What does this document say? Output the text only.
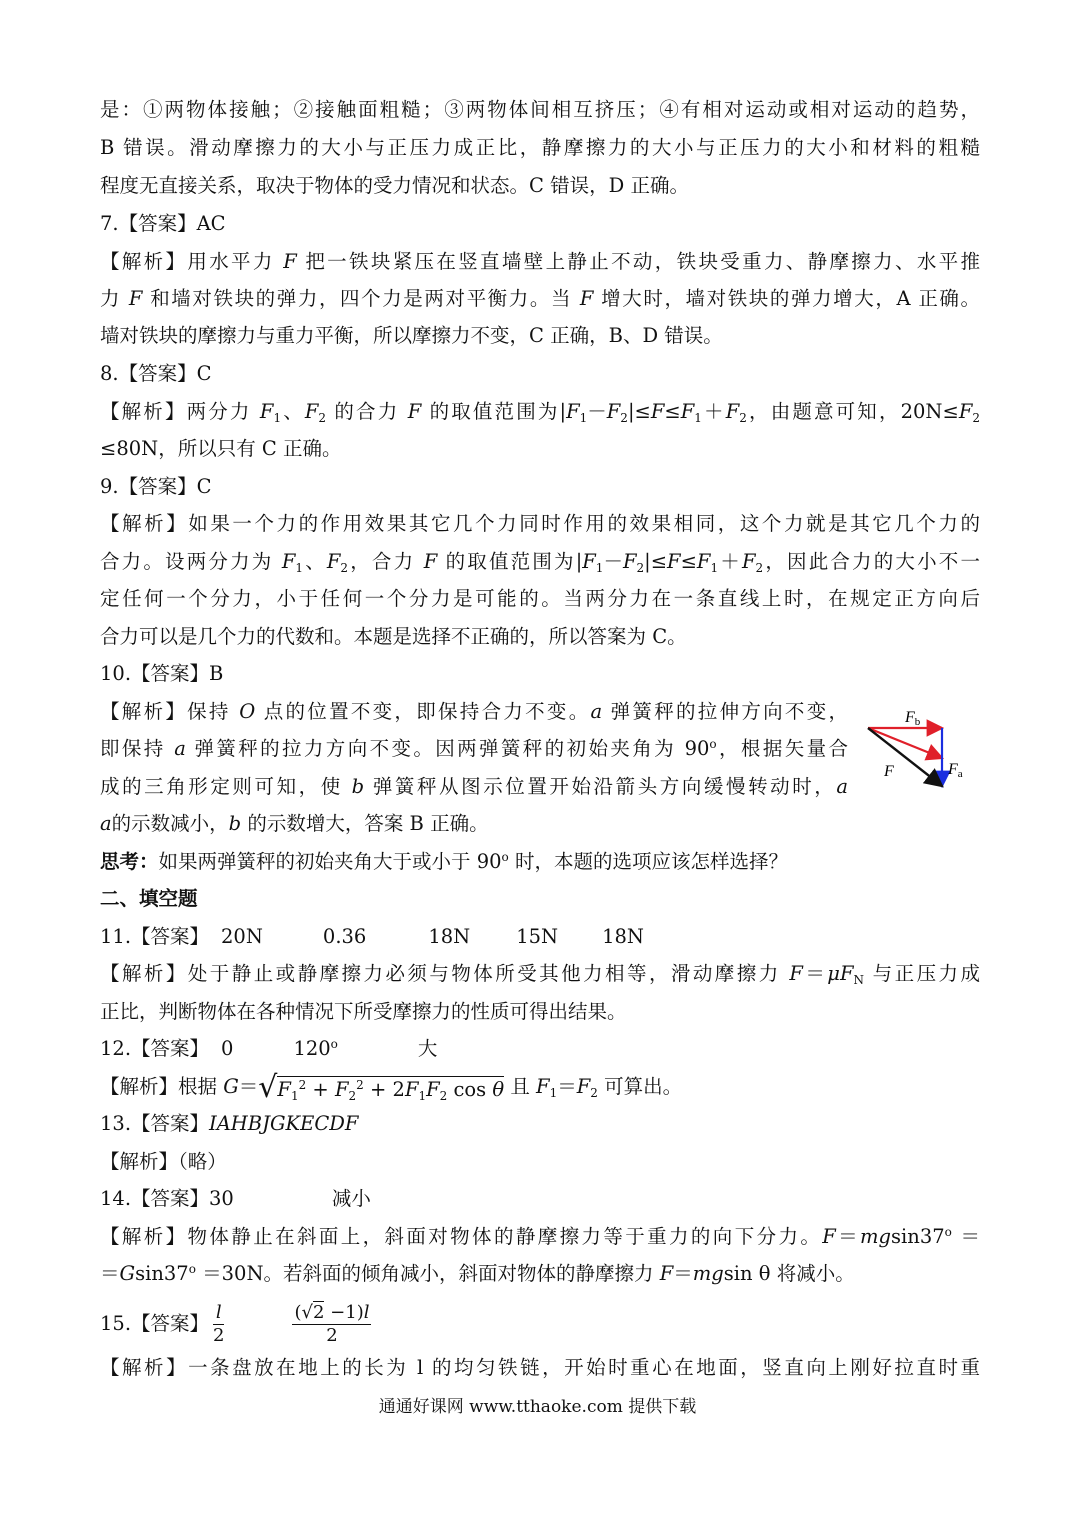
是：①两物体接触；②接触面粗糙；③两物体间相互挤压；④有相对运动或相对运动的趋势，
B 错误。滑动摩擦力的大小与正压力成正比，静摩擦力的大小与正压力的大小和材料的粗糙
程度无直接关系，取决于物体的受力情况和状态。C 错误，D 正确。
7.【答案】AC
【解析】用水平力 F 把一铁块紧压在竖直墙壁上静止不动，铁块受重力、静摩擦力、水平推
力 F 和墙对铁块的弹力，四个力是两对平衡力。当 F 增大时，墙对铁块的弹力增大，A 正确。
墙对铁块的摩擦力与重力平衡，所以摩擦力不变，C 正确，B、D 错误。
8.【答案】C
【解析】两分力 $F_1$、$F_2$ 的合力 F 的取值范围为$|F_1-F_2|\le F\le F_1+F_2$，由题意可知，$20N\le F_2$
≤80N，所以只有 C 正确。
9.【答案】C
【解析】如果一个力的作用效果其它几个力同时作用的效果相同，这个力就是其它几个力的
合力。设两分力为 $F_1$、$F_2$，合力 F 的取值范围为$|F_1-F_2|\le F\le F_1+F_2$，因此合力的大小不一
定任何一个分力，小于任何一个分力是可能的。当两分力在一条直线上时，在规定正方向后
合力可以是几个力的代数和。本题是选择不正确的，所以答案为 C。
10.【答案】B
【解析】保持 O 点的位置不变，即保持合力不变。a 弹簧秤的拉伸方向不变，
即保持 a 弹簧秤的拉力方向不变。因两弹簧秤的初始夹角为 90$^o$，根据矢量合
成的三角形定则可知，使 b 弹簧秤从图示位置开始沿箭头方向缓慢转动时，a
a的示数减小，b 的示数增大，答案 B 正确。
Fb
Fa
F
思考：如果两弹簧秤的初始夹角大于或小于 90$^o$ 时，本题的选项应该怎样选择？
二、填空题
11.【答案】 20N	0.36	18N 15N 18N
【解析】处于静止或静摩擦力必须与物体所受其他力相等，滑动摩擦力 $F=\mu F_N$ 与正压力成
正比，判断物体在各种情况下所受摩擦力的性质可得出结果。
12.【答案】 0	120$^o$	大
【解析】根据 $G=√F_1^2 + F_2^2 + 2F_1F_2$ cos θ 且 $F_1=F_2$ 可算出。
13.【答案】IAHBJGKECDF
【解析】（略）
14.【答案】30	减小
【解析】物体静止在斜面上，斜面对物体的静摩擦力等于重力的向下分力。$F=mgsin37^o$ ＝
$=Gsin37^o =30N$。若斜面的倾角减小，斜面对物体的静摩擦力 F＝mgsin θ 将减小。
15.【答案】 $\frac{l}{2}$	$\frac{(√2 -1)l}{2}$
【解析】一条盘放在地上的长为 l 的均匀铁链，开始时重心在地面，竖直向上刚好拉直时重
通通好课网 www.tthaoke.com 提供下载
